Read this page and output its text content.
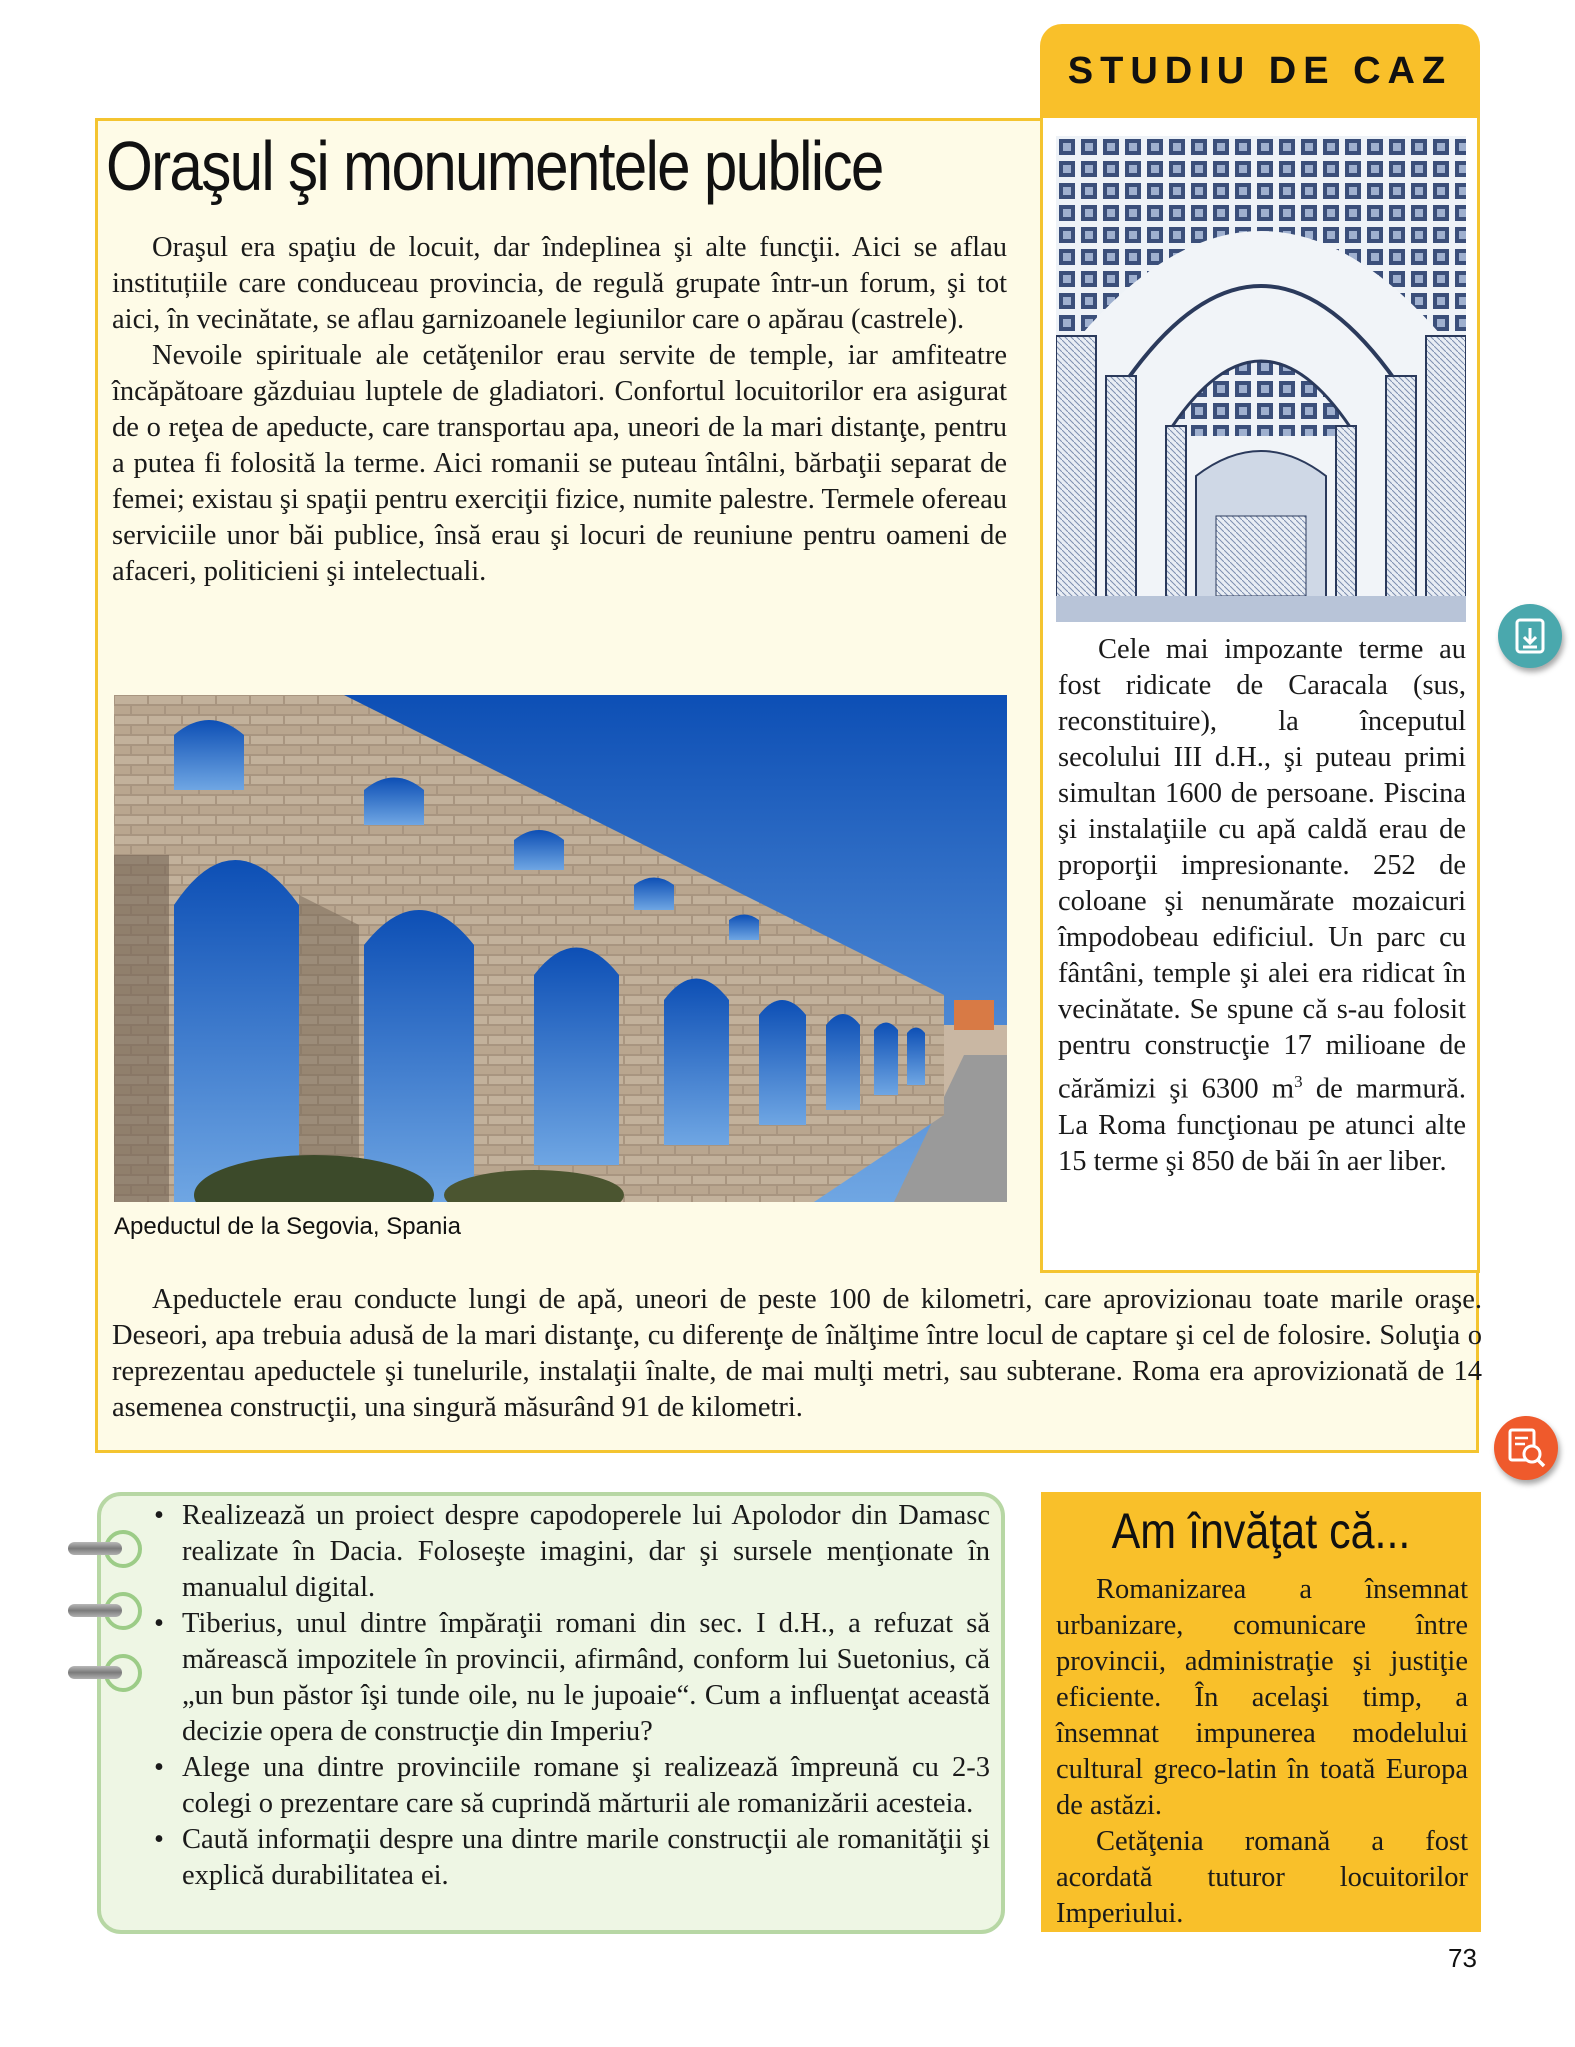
Oraşul şi monumentele publice

Oraşul era spaţiu de locuit, dar îndeplinea şi alte funcţii. Aici se aflau instituțiile care conduceau provincia, de regulă grupate într-un forum, şi tot aici, în vecinătate, se aflau garnizoanele legiunilor care o apărau (castrele).

Nevoile spirituale ale cetăţenilor erau servite de temple, iar amfiteatre încăpătoare găzduiau luptele de gladiatori. Confortul locuitorilor era asigurat de o reţea de apeducte, care transportau apa, uneori de la mari distanţe, pentru a putea fi folosită la terme. Aici romanii se puteau întâlni, bărbaţii separat de femei; existau şi spaţii pentru exerciţii fizice, numite palestre. Termele ofereau serviciile unor băi publice, însă erau şi locuri de reuniune pentru oameni de afaceri, politicieni şi intelectuali.

Apeductul de la Segovia, Spania
STUDIU DE CAZ

Cele mai impozante terme au fost ridicate de Caracala (sus, reconstituire), la începutul secolului III d.H., şi puteau primi simultan 1600 de persoane. Piscina şi instalaţiile cu apă caldă erau de proporţii impresionante. 252 de coloane şi nenumărate mozaicuri împodobeau edificiul. Un parc cu fântâni, temple şi alei era ridicat în vecinătate. Se spune că s-au folosit pentru construcţie 17 milioane de cărămizi şi 6300 $m^3$ de marmură. La Roma funcţionau pe atunci alte 15 terme şi 850 de băi în aer liber.

Apeductele erau conducte lungi de apă, uneori de peste 100 de kilometri, care aprovizionau toate marile oraşe. Deseori, apa trebuia adusă de la mari distanţe, cu diferenţe de înălţime între locul de captare şi cel de folosire. Soluţia o reprezentau apeductele şi tunelurile, instalaţii înalte, de mai mulţi metri, sau subterane. Roma era aprovizionată de 14 asemenea construcţii, una singură măsurând 91 de kilometri.

• Realizează un proiect despre capodoperele lui Apolodor din Damasc realizate în Dacia. Foloseşte imagini, dar şi sursele menţionate în manualul digital.
• Tiberius, unul dintre împăraţii romani din sec. I d.H., a refuzat să mărească impozitele în provincii, afirmând, conform lui Suetonius, că „un bun păstor îşi tunde oile, nu le jupoaie“. Cum a influenţat această decizie opera de construcţie din Imperiu?
• Alege una dintre provinciile romane şi realizează împreună cu 2-3 colegi o prezentare care să cuprindă mărturii ale romanizării acesteia.
• Caută informaţii despre una dintre marile construcţii ale romanităţii şi explică durabilitatea ei.
Am învăţat că...

Romanizarea a însemnat urbanizare, comunicare între provincii, administraţie şi justiţie eficiente. În acelaşi timp, a însemnat impunerea modelului cultural greco-latin în toată Europa de astăzi.

Cetăţenia romană a fost acordată tuturor locuitorilor Imperiului.

73
